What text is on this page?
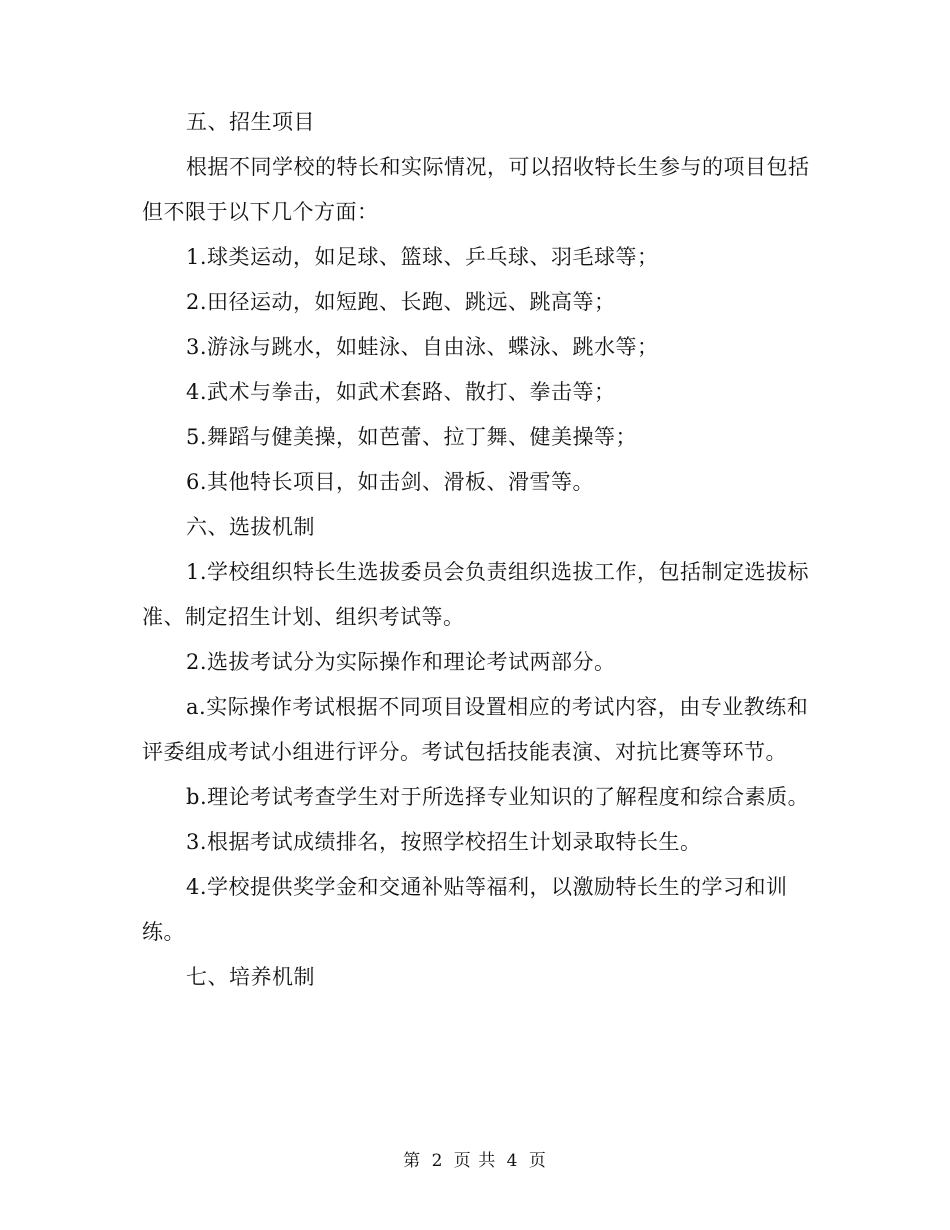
五、招生项目

根据不同学校的特长和实际情况，可以招收特长生参与的项目包括但不限于以下几个方面：

1.球类运动，如足球、篮球、乒乓球、羽毛球等；

2.田径运动，如短跑、长跑、跳远、跳高等；

3.游泳与跳水，如蛙泳、自由泳、蝶泳、跳水等；

4.武术与拳击，如武术套路、散打、拳击等；

5.舞蹈与健美操，如芭蕾、拉丁舞、健美操等；

6.其他特长项目，如击剑、滑板、滑雪等。

六、选拔机制

1.学校组织特长生选拔委员会负责组织选拔工作，包括制定选拔标准、制定招生计划、组织考试等。

2.选拔考试分为实际操作和理论考试两部分。

a.实际操作考试根据不同项目设置相应的考试内容，由专业教练和评委组成考试小组进行评分。考试包括技能表演、对抗比赛等环节。

b.理论考试考查学生对于所选择专业知识的了解程度和综合素质。

3.根据考试成绩排名，按照学校招生计划录取特长生。

4.学校提供奖学金和交通补贴等福利，以激励特长生的学习和训练。

七、培养机制

第 2 页 共 4 页
